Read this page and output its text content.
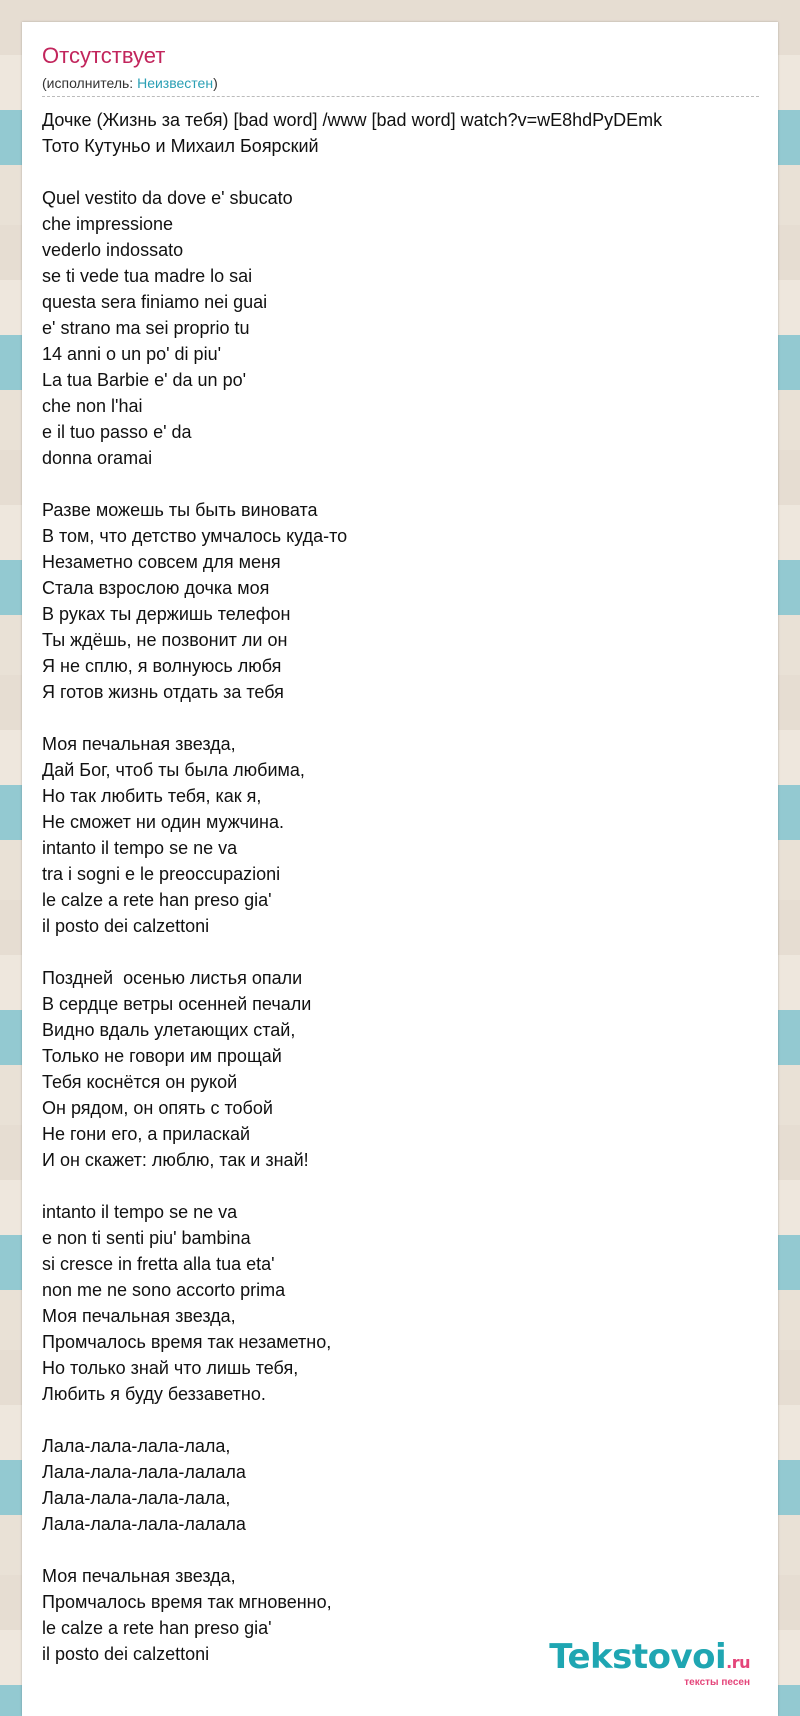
Отсутствует
(исполнитель: Неизвестен)
Дочке (Жизнь за тебя) [bad word] /www [bad word] watch?v=wE8hdPyDEmk
Тото Кутуньо и Михаил Боярский

Quel vestito da dove e' sbucato
che impressione
vederlo indossato
se ti vede tua madre lo sai
questa sera finiamo nei guai
e' strano ma sei proprio tu
14 anni o un po' di piu'
La tua Barbie e' da un po'
che non l'hai
e il tuo passo e' da
donna oramai

Разве можешь ты быть виновата
В том, что детство умчалось куда-то
Незаметно совсем для меня
Стала взрослою дочка моя
В руках ты держишь телефон
Ты ждёшь, не позвонит ли он
Я не сплю, я волнуюсь любя
Я готов жизнь отдать за тебя

Моя печальная звезда,
Дай Бог, чтоб ты была любима,
Но так любить тебя, как я,
Не сможет ни один мужчина.
intanto il tempo se ne va
tra i sogni e le preoccupazioni
le calze a rete han preso gia'
il posto dei calzettoni

Поздней  осенью листья опали
В сердце ветры осенней печали
Видно вдаль улетающих стай,
Только не говори им прощай
Тебя коснётся он рукой
Он рядом, он опять с тобой
Не гони его, а приласкай
И он скажет: люблю, так и знай!

intanto il tempo se ne va
e non ti senti piu' bambina
si cresce in fretta alla tua eta'
non me ne sono accorto prima
Моя печальная звезда,
Промчалось время так незаметно,
Но только знай что лишь тебя,
Любить я буду беззаветно.

Лала-лала-лала-лала,
Лала-лала-лала-лалала
Лала-лала-лала-лала,
Лала-лала-лала-лалала

Моя печальная звезда,
Промчалось время так мгновенно,
le calze a rete han preso gia'
il posto dei calzettoni	Tekstovoi.ru
тексты песен
